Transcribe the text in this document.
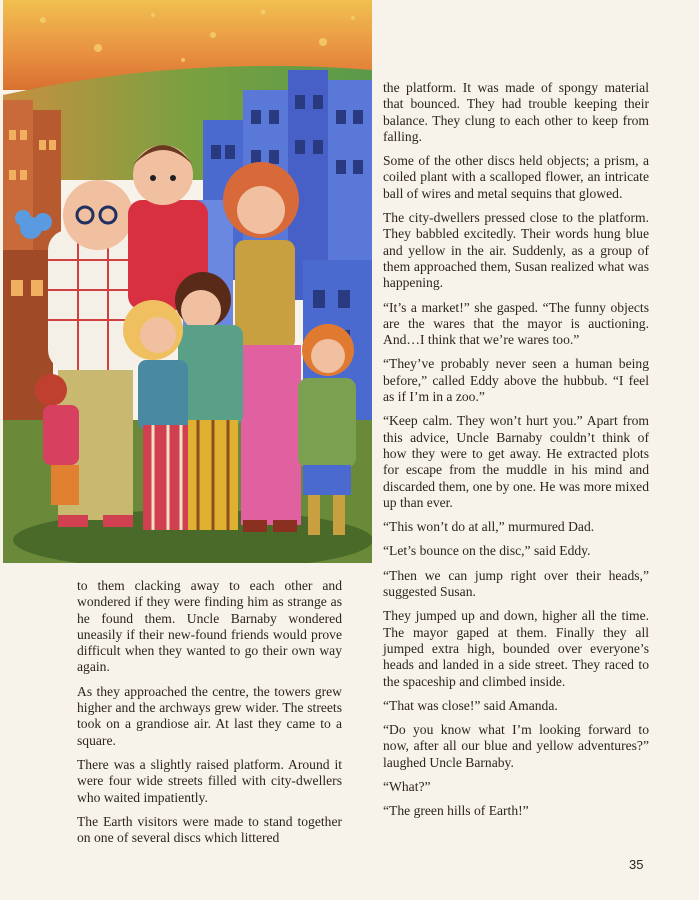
to them clacking away to each other and wondered if they were finding him as strange as he found them. Uncle Barnaby wondered uneasily if their new-found friends would prove difficult when they wanted to go their own way again.

As they approached the centre, the towers grew higher and the archways grew wider. The streets took on a grandiose air. At last they came to a square.

There was a slightly raised platform. Around it were four wide streets filled with city-dwellers who waited impatiently.

The Earth visitors were made to stand together on one of several discs which littered

the platform. It was made of spongy material that bounced. They had trouble keeping their balance. They clung to each other to keep from falling.

Some of the other discs held objects; a prism, a coiled plant with a scalloped flower, an intricate ball of wires and metal sequins that glowed.

The city-dwellers pressed close to the platform. They babbled excitedly. Their words hung blue and yellow in the air. Suddenly, as a group of them approached them, Susan realized what was happening.

“It’s a market!” she gasped. “The funny objects are the wares that the mayor is auctioning. And…I think that we’re wares too.”

“They’ve probably never seen a human being before,” called Eddy above the hubbub. “I feel as if I’m in a zoo.”

“Keep calm. They won’t hurt you.” Apart from this advice, Uncle Barnaby couldn’t think of how they were to get away. He extracted plots for escape from the muddle in his mind and discarded them, one by one. He was more mixed up than ever.

“This won’t do at all,” murmured Dad.

“Let’s bounce on the disc,” said Eddy.

“Then we can jump right over their heads,” suggested Susan.

They jumped up and down, higher all the time. The mayor gaped at them. Finally they all jumped extra high, bounded over everyone’s heads and landed in a side street. They raced to the spaceship and climbed inside.

“That was close!” said Amanda.

“Do you know what I’m looking forward to now, after all our blue and yellow adventures?” laughed Uncle Barnaby.

“What?”

“The green hills of Earth!”

35
